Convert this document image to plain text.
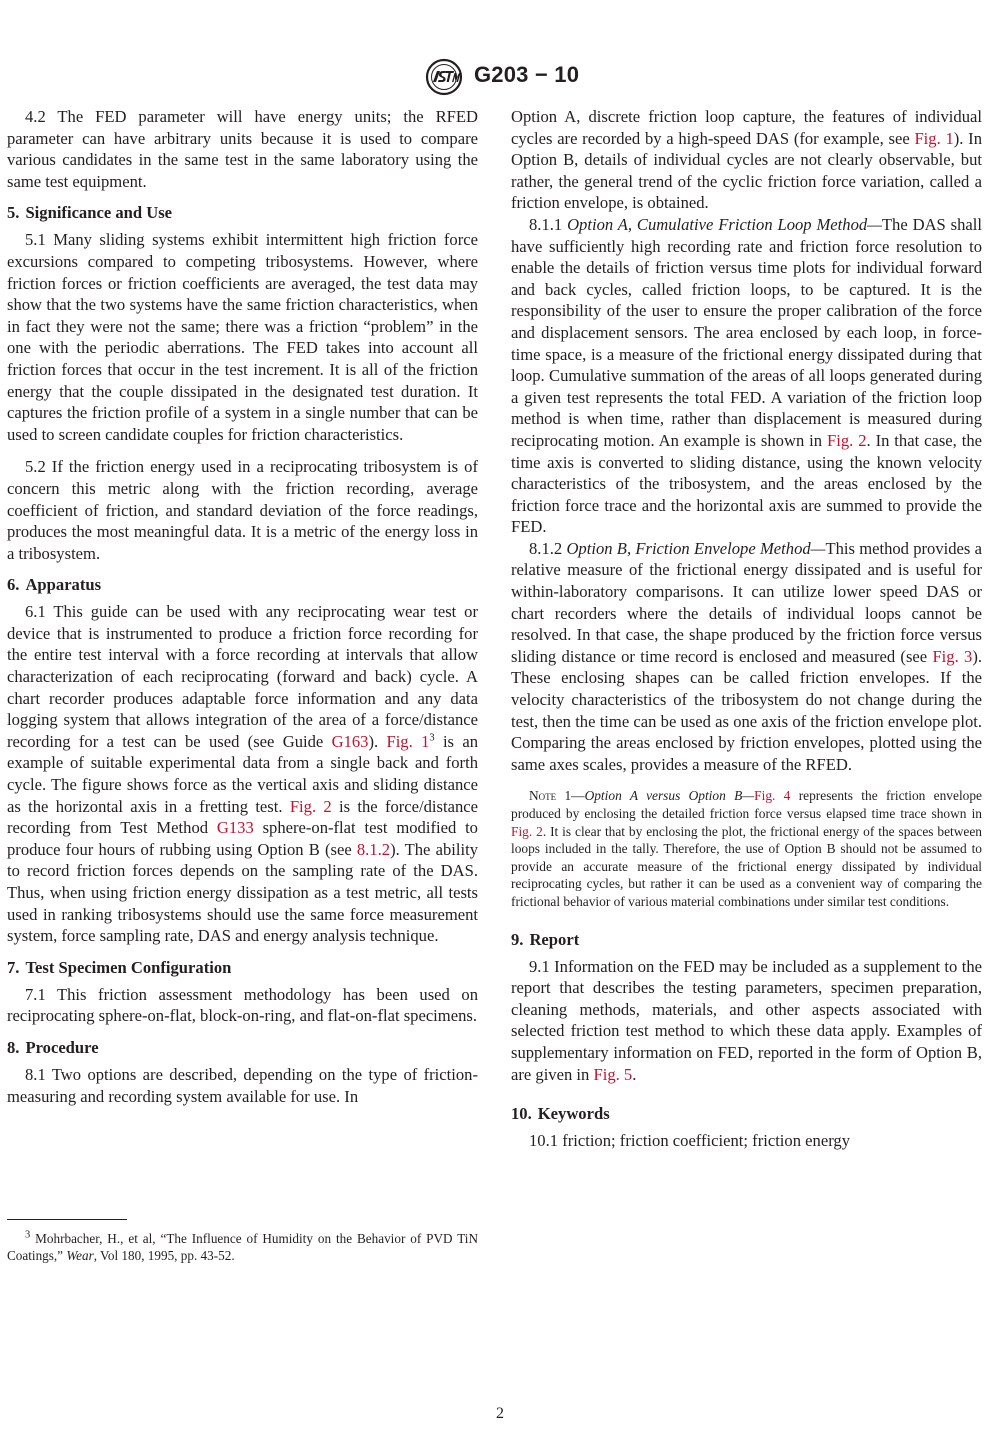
G203 − 10

4.2 The FED parameter will have energy units; the RFED parameter can have arbitrary units because it is used to compare various candidates in the same test in the same laboratory using the same test equipment.

5. Significance and Use

5.1 Many sliding systems exhibit intermittent high friction force excursions compared to competing tribosystems. However, where friction forces or friction coefficients are averaged, the test data may show that the two systems have the same friction characteristics, when in fact they were not the same; there was a friction “problem” in the one with the periodic aberrations. The FED takes into account all friction forces that occur in the test increment. It is all of the friction energy that the couple dissipated in the designated test duration. It captures the friction profile of a system in a single number that can be used to screen candidate couples for friction characteristics.

5.2 If the friction energy used in a reciprocating tribosystem is of concern this metric along with the friction recording, average coefficient of friction, and standard deviation of the force readings, produces the most meaningful data. It is a metric of the energy loss in a tribosystem.

6. Apparatus

6.1 This guide can be used with any reciprocating wear test or device that is instrumented to produce a friction force recording for the entire test interval with a force recording at intervals that allow characterization of each reciprocating (forward and back) cycle. A chart recorder produces adaptable force information and any data logging system that allows integration of the area of a force/distance recording for a test can be used (see Guide G163). Fig. $1^3$ is an example of suitable experimental data from a single back and forth cycle. The figure shows force as the vertical axis and sliding distance as the horizontal axis in a fretting test. Fig. 2 is the force/distance recording from Test Method G133 sphere-on-flat test modified to produce four hours of rubbing using Option B (see 8.1.2). The ability to record friction forces depends on the sampling rate of the DAS. Thus, when using friction energy dissipation as a test metric, all tests used in ranking tribosystems should use the same force measurement system, force sampling rate, DAS and energy analysis technique.

7. Test Specimen Configuration

7.1 This friction assessment methodology has been used on reciprocating sphere-on-flat, block-on-ring, and flat-on-flat specimens.

8. Procedure

8.1 Two options are described, depending on the type of friction-measuring and recording system available for use. In

Option A, discrete friction loop capture, the features of individual cycles are recorded by a high-speed DAS (for example, see Fig. 1). In Option B, details of individual cycles are not clearly observable, but rather, the general trend of the cyclic friction force variation, called a friction envelope, is obtained.

8.1.1 Option A, Cumulative Friction Loop Method—The DAS shall have sufficiently high recording rate and friction force resolution to enable the details of friction versus time plots for individual forward and back cycles, called friction loops, to be captured. It is the responsibility of the user to ensure the proper calibration of the force and displacement sensors. The area enclosed by each loop, in force-time space, is a measure of the frictional energy dissipated during that loop. Cumulative summation of the areas of all loops generated during a given test represents the total FED. A variation of the friction loop method is when time, rather than displacement is measured during reciprocating motion. An example is shown in Fig. 2. In that case, the time axis is converted to sliding distance, using the known velocity characteristics of the tribosystem, and the areas enclosed by the friction force trace and the horizontal axis are summed to provide the FED.

8.1.2 Option B, Friction Envelope Method—This method provides a relative measure of the frictional energy dissipated and is useful for within-laboratory comparisons. It can utilize lower speed DAS or chart recorders where the details of individual loops cannot be resolved. In that case, the shape produced by the friction force versus sliding distance or time record is enclosed and measured (see Fig. 3). These enclosing shapes can be called friction envelopes. If the velocity characteristics of the tribosystem do not change during the test, then the time can be used as one axis of the friction envelope plot. Comparing the areas enclosed by friction envelopes, plotted using the same axes scales, provides a measure of the RFED.

Note 1—Option A versus Option B—Fig. 4 represents the friction envelope produced by enclosing the detailed friction force versus elapsed time trace shown in Fig. 2. It is clear that by enclosing the plot, the frictional energy of the spaces between loops included in the tally. Therefore, the use of Option B should not be assumed to provide an accurate measure of the frictional energy dissipated by individual reciprocating cycles, but rather it can be used as a convenient way of comparing the frictional behavior of various material combinations under similar test conditions.

9. Report

9.1 Information on the FED may be included as a supplement to the report that describes the testing parameters, specimen preparation, cleaning methods, materials, and other aspects associated with selected friction test method to which these data apply. Examples of supplementary information on FED, reported in the form of Option B, are given in Fig. 5.

10. Keywords

10.1 friction; friction coefficient; friction energy

$^3$ Mohrbacher, H., et al, “The Influence of Humidity on the Behavior of PVD TiN Coatings,” Wear, Vol 180, 1995, pp. 43-52.
2
